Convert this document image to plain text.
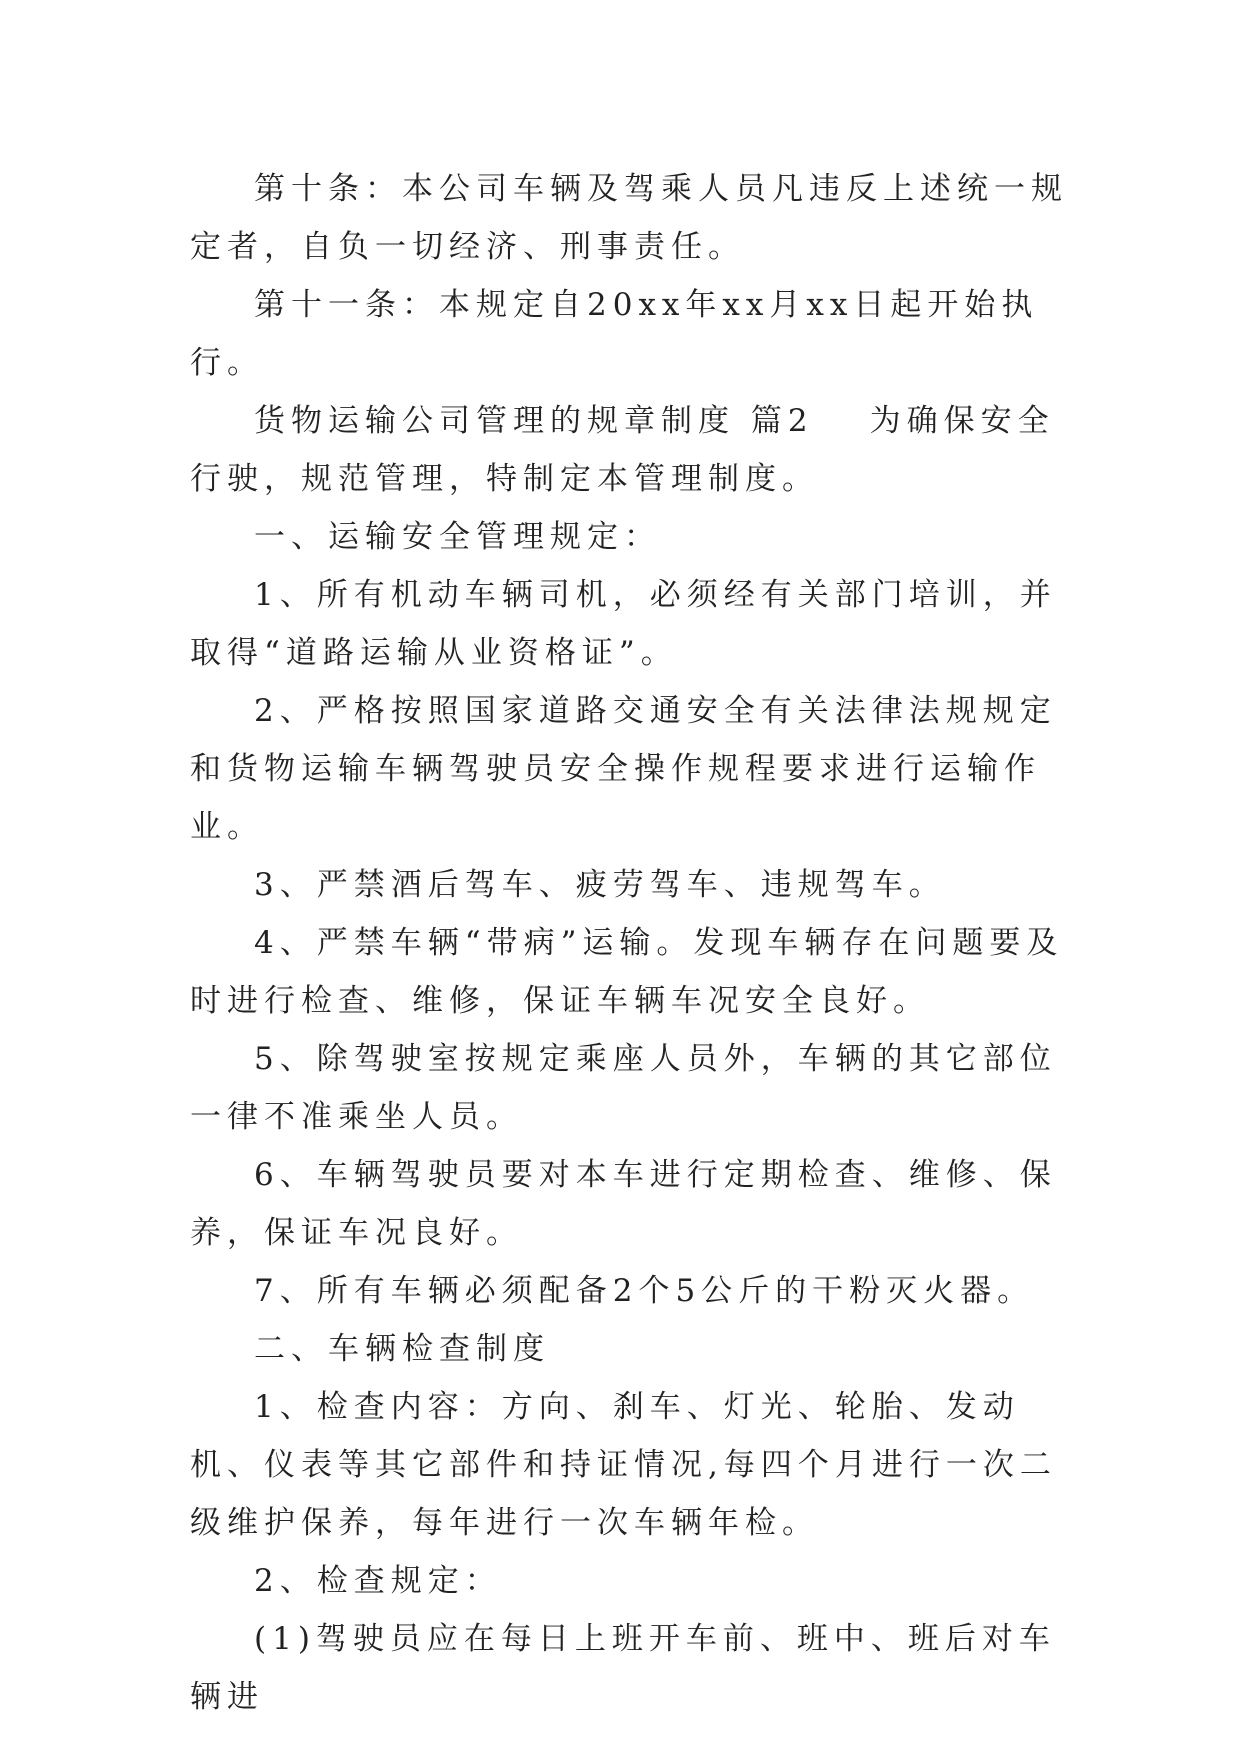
第十条：本公司车辆及驾乘人员凡违反上述统一规定者，自负一切经济、刑事责任。

第十一条：本规定自20xx年xx月xx日起开始执行。

货物运输公司管理的规章制度 篇2 为确保安全行驶，规范管理，特制定本管理制度。

一、运输安全管理规定：

1、所有机动车辆司机，必须经有关部门培训，并取得“道路运输从业资格证”。

2、严格按照国家道路交通安全有关法律法规规定和货物运输车辆驾驶员安全操作规程要求进行运输作业。

3、严禁酒后驾车、疲劳驾车、违规驾车。

4、严禁车辆“带病”运输。发现车辆存在问题要及时进行检查、维修，保证车辆车况安全良好。

5、除驾驶室按规定乘座人员外，车辆的其它部位一律不准乘坐人员。

6、车辆驾驶员要对本车进行定期检查、维修、保养，保证车况良好。

7、所有车辆必须配备2个5公斤的干粉灭火器。

二、车辆检查制度

1、检查内容：方向、刹车、灯光、轮胎、发动机、仪表等其它部件和持证情况,每四个月进行一次二级维护保养，每年进行一次车辆年检。

2、检查规定：

(1)驾驶员应在每日上班开车前、班中、班后对车辆进
